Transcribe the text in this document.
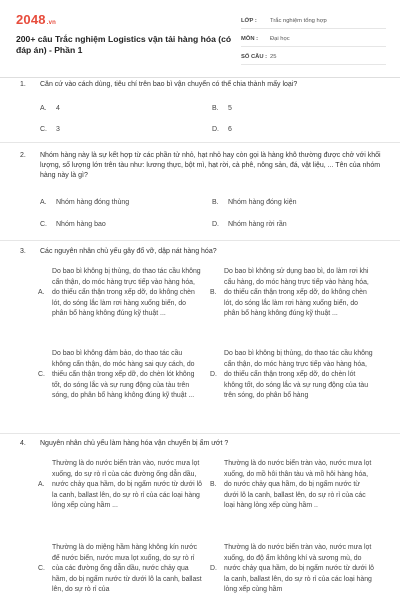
2048.vn
200+ câu Trắc nghiệm Logistics vận tải hàng hóa (có đáp án) - Phần 1
LỚP :	Trắc nghiệm tổng hợp
MÔN :	Đại học
SỐ CÂU : 25
1.	Căn cứ vào cách dùng, tiêu chí trên bao bì vận chuyển có thể chia thành mấy loại?
A.	4	B.	5
C.	3	D.	6
2.	Nhóm hàng này là sự kết hợp từ các phần tử nhỏ, hạt nhỏ hay còn gọi là hàng khô thường được chở với khối lượng, số lượng lớn trên tàu như: lương thực, bột mì, hạt rời, cà phê, nông sản, đá, vật liệu, ... Tên của nhóm hàng này là gì?
A.	Nhóm hàng đóng thùng	B.	Nhóm hàng đóng kiện
C.	Nhóm hàng bao	D.	Nhóm hàng rời rần
3.	Các nguyên nhân chủ yếu gây đổ vỡ, dập nát hàng hóa?
A.
Do bao bì không bị thủng, do thao tác cầu không cẩn thận, do móc hàng trực tiếp vào hàng hóa, do thiếu cẩn thận trong xếp dỡ, do không chèn lót, do sóng lắc làm rơi hàng xuống biển, do phân bổ hàng không đúng kỹ thuật ...
B.
Do bao bì không sử dụng bao bì, do làm rơi khi cẩu hàng, do móc hàng trực tiếp vào hàng hóa, do thiếu cẩn thận trong xếp dỡ, do không chèn lót, do sóng lắc làm rơi hàng xuống biển, do phân bổ hàng không đúng kỹ thuật ...
C.
Do bao bì không đảm bảo, do thao tác cầu không cẩn thận, do móc hàng sai quy cách, do thiếu cẩn thận trong xếp dỡ, do chèn lót không tốt, do sóng lắc và sự rung động của tàu trên sóng, do phân bổ hàng không đúng kỹ thuật ...
D.
Do bao bì không bị thủng, do thao tác cầu không cẩn thận, do móc hàng trực tiếp vào hàng hóa, do thiếu cẩn thận trong xếp dỡ, do chèn lót không tốt, do sóng lắc và sự rung động của tàu trên sóng, do phân bổ hàng
4.	Nguyên nhân chủ yếu làm hàng hóa vận chuyển bị ẩm ướt ?
A.
Thường là do nước biển tràn vào, nước mưa lọt xuống, do sự rò rỉ của các đường ống dẫn dầu, nước chảy qua hầm, do bị ngấm nước từ dưới lô la canh, ballast lên, do sự rò rỉ của các loại hàng lỏng xếp cùng hầm ...
B.
Thường là do nước biển tràn vào, nước mưa lọt xuống, do mồ hôi thân tàu và mồ hôi hàng hóa, do nước chảy qua hầm, do bị ngấm nước từ dưới lô la canh, ballast lên, do sự rò rỉ của các loại hàng lỏng xếp cùng hầm ..
C.
Thường là do miệng hầm hàng không kín nước để nước biển, nước mưa lọt xuống, do sự rò rỉ của các đường ống dẫn dầu, nước chảy qua hầm, do bị ngấm nước từ dưới lô la canh, ballast lên, do sự rò rỉ của
D.
Thường là do nước biển tràn vào, nước mưa lọt xuống, do độ ẩm không khí và sương mù, do nước chảy qua hầm, do bị ngấm nước từ dưới lô la canh, ballast lên, do sự rò rỉ của các loại hàng lỏng xếp cùng hầm
